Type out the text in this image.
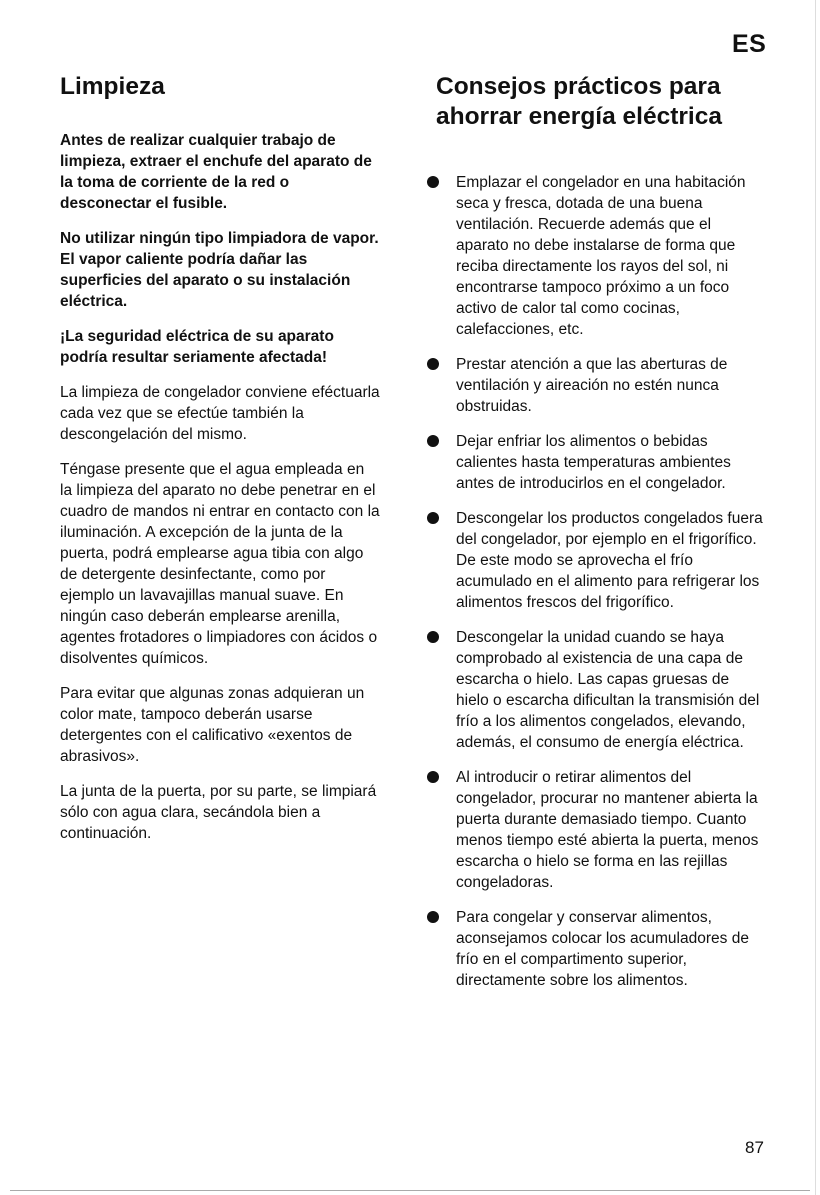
ES
Limpieza

Antes de realizar cualquier trabajo de limpieza, extraer el enchufe del aparato de la toma de corriente de la red o desconectar el fusible.

No utilizar ningún tipo limpiadora de vapor. El vapor caliente podría dañar las superficies del aparato o su instalación eléctrica.

¡La seguridad eléctrica de su aparato podría resultar seriamente afectada!

La limpieza de congelador conviene eféctuarla cada vez que se efectúe también la descongelación del mismo.

Téngase presente que el agua empleada en la limpieza del aparato no debe penetrar en el cuadro de mandos ni entrar en contacto con la iluminación. A excepción de la junta de la puerta, podrá emplearse agua tibia con algo de detergente desinfectante, como por ejemplo un lavavajillas manual suave. En ningún caso deberán emplearse arenilla, agentes frotadores o limpiadores con ácidos o disolventes químicos.

Para evitar que algunas zonas adquieran un color mate, tampoco deberán usarse detergentes con el calificativo «exentos de abrasivos».

La junta de la puerta, por su parte, se limpiará sólo con agua clara, secándola bien a continuación.

Consejos prácticos para
ahorrar energía eléctrica
Emplazar el congelador en una habitación seca y fresca, dotada de una buena ventilación. Recuerde además que el aparato no debe instalarse de forma que reciba directamente los rayos del sol, ni encontrarse tampoco próximo a un foco activo de calor tal como cocinas, calefacciones, etc.
Prestar atención a que las aberturas de ventilación y aireación no estén nunca obstruidas.
Dejar enfriar los alimentos o bebidas calientes hasta temperaturas ambientes antes de introducirlos en el congelador.
Descongelar los productos congelados fuera del congelador, por ejemplo en el frigorífico. De este modo se aprovecha el frío acumulado en el alimento para refrigerar los alimentos frescos del frigorífico.
Descongelar la unidad cuando se haya comprobado al existencia de una capa de escarcha o hielo. Las capas gruesas de hielo o escarcha dificultan la transmisión del frío a los alimentos congelados, elevando, además, el consumo de energía eléctrica.
Al introducir o retirar alimentos del congelador, procurar no mantener abierta la puerta durante demasiado tiempo. Cuanto menos tiempo esté abierta la puerta, menos escarcha o hielo se forma en las rejillas congeladoras.
Para congelar y conservar alimentos, aconsejamos colocar los acumuladores de frío en el compartimento superior, directamente sobre los alimentos.
87
